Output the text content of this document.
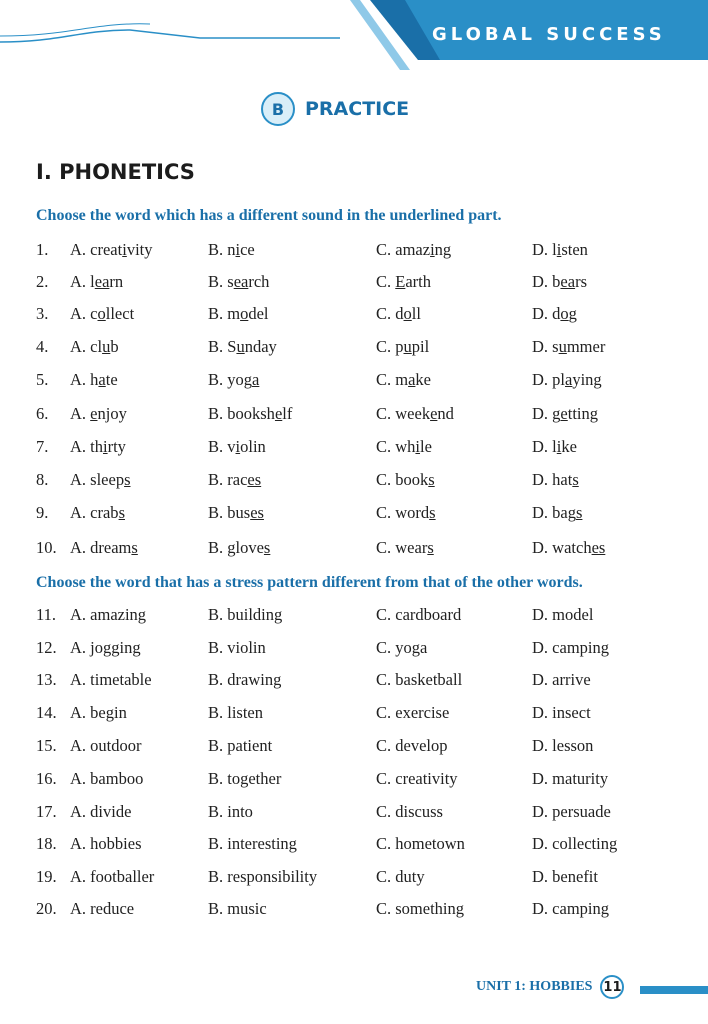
GLOBAL SUCCESS
B	PRACTICE
I. PHONETICS
Choose the word which has a different sound in the underlined part.
Choose the word that has a stress pattern different from that of the other words.
1. A. creativity	B. nice	C. amazing	D. listen
2. A. learn	B. search	C. Earth	D. bears
3. A. collect	B. model	C. doll	D. dog
4. A. club	B. Sunday	C. pupil	D. summer
5. A. hate	B. yoga	C. make	D. playing
6. A. enjoy	B. bookshelf	C. weekend	D. getting
7. A. thirty	B. violin	C. while	D. like
8. A. sleeps	B. races	C. books	D. hats
9. A. crabs	B. buses	C. words	D. bags
10. A. dreams	B. gloves	C. wears	D. watches
11. A. amazing	B. building	C. cardboard	D. model
12. A. jogging	B. violin	C. yoga	D. camping
13. A. timetable	B. drawing	C. basketball	D. arrive
14. A. begin	B. listen	C. exercise	D. insect
15. A. outdoor	B. patient	C. develop	D. lesson
16. A. bamboo	B. together	C. creativity	D. maturity
17. A. divide	B. into	C. discuss	D. persuade
18. A. hobbies	B. interesting	C. hometown	D. collecting
19. A. footballer	B. responsibility	C. duty	D. benefit
20. A. reduce	B. music	C. something	D. camping
UNIT 1: HOBBIES 11
